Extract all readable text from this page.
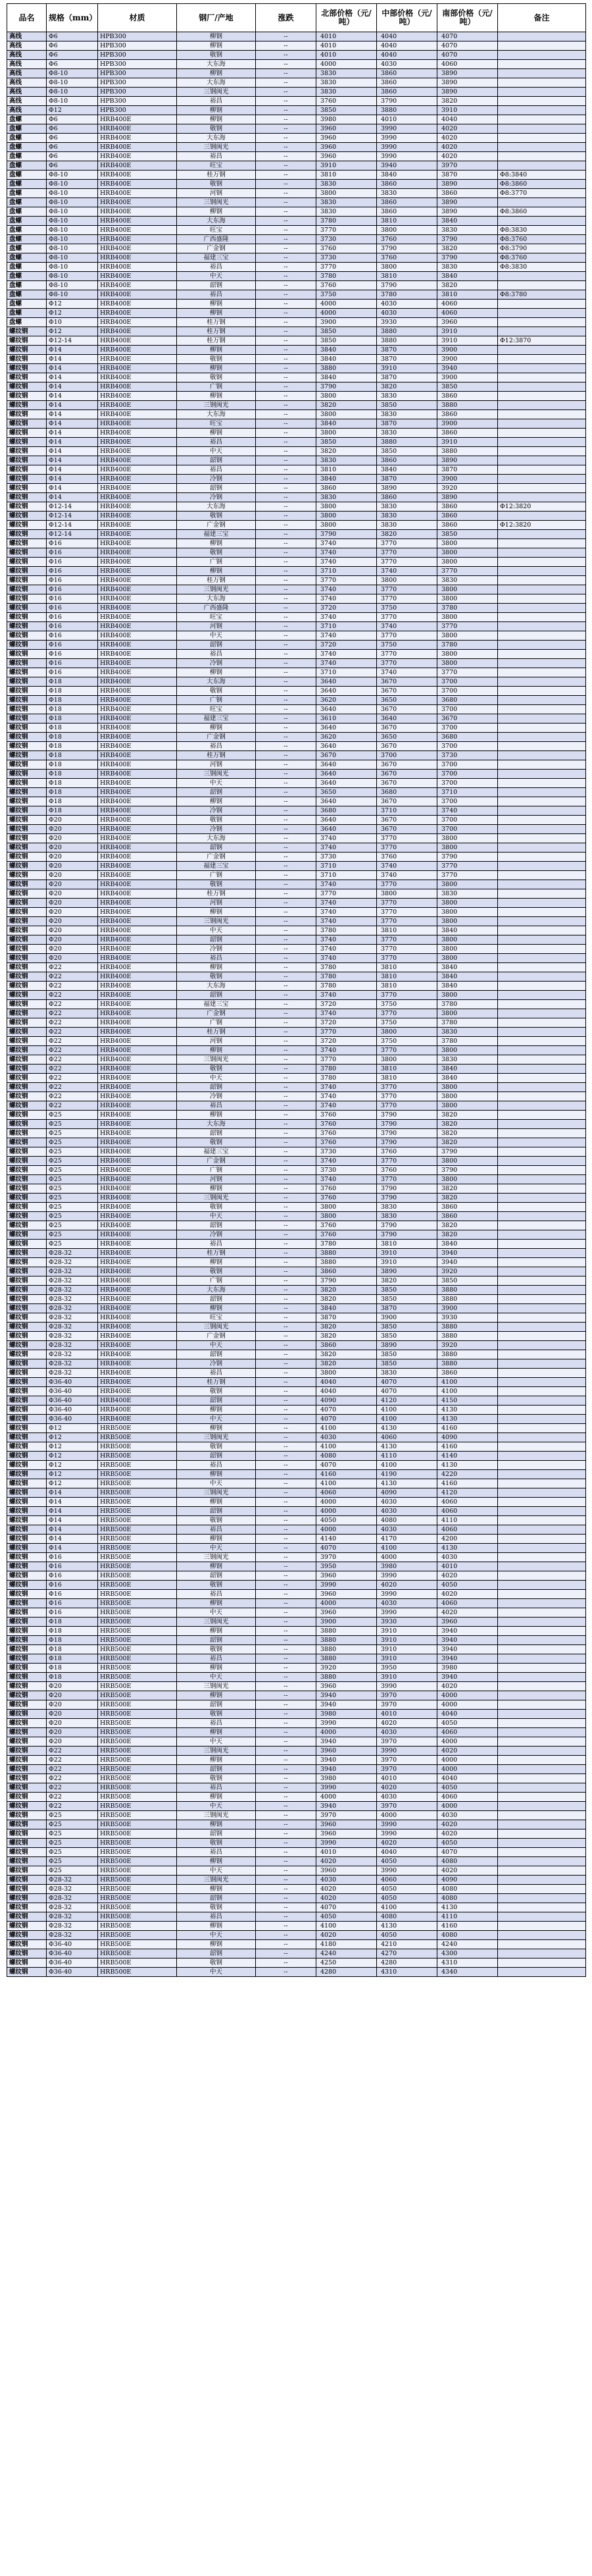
品名	规格（mm）	材质	钢厂/产地	涨跌	北部价格（元/吨）	中部价格（元/吨）	南部价格（元/吨）	备注
高线	Φ6	HPB300	柳钢	--	4010	4040	4070	
高线	Φ6	HPB300	柳钢	--	4010	4040	4070	
高线	Φ6	HPB300	敬钢	--	4010	4040	4070	
高线	Φ6	HPB300	大东海	--	4000	4030	4060	
高线	Φ8-10	HPB300	柳钢	--	3830	3860	3890	
高线	Φ8-10	HPB300	大东海	--	3830	3860	3890	
高线	Φ8-10	HPB300	三钢闽光	--	3830	3860	3890	
高线	Φ8-10	HPB300	裕昌	--	3760	3790	3820	
高线	Φ12	HPB300	柳钢	--	3850	3880	3910	
盘螺	Φ6	HRB400E	柳钢	--	3980	4010	4040	
盘螺	Φ6	HRB400E	敬钢	--	3960	3990	4020	
盘螺	Φ6	HRB400E	大东海	--	3960	3990	4020	
盘螺	Φ6	HRB400E	三钢闽光	--	3960	3990	4020	
盘螺	Φ6	HRB400E	裕昌	--	3960	3990	4020	
盘螺	Φ6	HRB400E	旺宝	--	3910	3940	3970	
盘螺	Φ8-10	HRB400E	桂万钢	--	3810	3840	3870	Φ8:3840
盘螺	Φ8-10	HRB400E	敬钢	--	3830	3860	3890	Φ8:3860
盘螺	Φ8-10	HRB400E	河钢	--	3800	3830	3860	Φ8:3770
盘螺	Φ8-10	HRB400E	三钢闽光	--	3830	3860	3890	
盘螺	Φ8-10	HRB400E	柳钢	--	3830	3860	3890	Φ8:3860
盘螺	Φ8-10	HRB400E	大东海	--	3780	3810	3840	
盘螺	Φ8-10	HRB400E	旺宝	--	3770	3800	3830	Φ8:3830
盘螺	Φ8-10	HRB400E	广西盛隆	--	3730	3760	3790	Φ8:3760
盘螺	Φ8-10	HRB400E	广金钢	--	3760	3790	3820	Φ8:3790
盘螺	Φ8-10	HRB400E	福建三宝	--	3730	3760	3790	Φ8:3760
盘螺	Φ8-10	HRB400E	裕昌	--	3770	3800	3830	Φ8:3830
盘螺	Φ8-10	HRB400E	中天	--	3780	3810	3840	
盘螺	Φ8-10	HRB400E	韶钢	--	3760	3790	3820	
盘螺	Φ8-10	HRB400E	裕昌	--	3750	3780	3810	Φ8:3780
盘螺	Φ12	HRB400E	柳钢	--	4000	4030	4060	
盘螺	Φ12	HRB400E	柳钢	--	4000	4030	4060	
盘螺	Φ10	HRB400E	桂万钢	--	3900	3930	3960	
螺纹钢	Φ12	HRB400E	桂万钢	--	3850	3880	3910	
螺纹钢	Φ12-14	HRB400E	桂万钢	--	3850	3880	3910	Φ12:3870
螺纹钢	Φ14	HRB400E	柳钢	--	3840	3870	3900	
螺纹钢	Φ14	HRB400E	敬钢	--	3840	3870	3900	
螺纹钢	Φ14	HRB400E	柳钢	--	3880	3910	3940	
螺纹钢	Φ14	HRB400E	敬钢	--	3840	3870	3900	
螺纹钢	Φ14	HRB400E	广钢	--	3790	3820	3850	
螺纹钢	Φ14	HRB400E	柳钢	--	3800	3830	3860	
螺纹钢	Φ14	HRB400E	三钢闽光	--	3820	3850	3880	
螺纹钢	Φ14	HRB400E	大东海	--	3800	3830	3860	
螺纹钢	Φ14	HRB400E	旺宝	--	3840	3870	3900	
螺纹钢	Φ14	HRB400E	柳钢	--	3800	3830	3860	
螺纹钢	Φ14	HRB400E	裕昌	--	3850	3880	3910	
螺纹钢	Φ14	HRB400E	中天	--	3820	3850	3880	
螺纹钢	Φ14	HRB400E	韶钢	--	3830	3860	3890	
螺纹钢	Φ14	HRB400E	裕昌	--	3810	3840	3870	
螺纹钢	Φ14	HRB400E	冷钢	--	3840	3870	3900	
螺纹钢	Φ14	HRB400E	韶钢	--	3860	3890	3920	
螺纹钢	Φ14	HRB400E	冷钢	--	3830	3860	3890	
螺纹钢	Φ12-14	HRB400E	大东海	--	3800	3830	3860	Φ12:3820
螺纹钢	Φ12-14	HRB400E	敬钢	--	3800	3830	3860	
螺纹钢	Φ12-14	HRB400E	广金钢	--	3800	3830	3860	Φ12:3820
螺纹钢	Φ12-14	HRB400E	福建三宝	--	3790	3820	3850	
螺纹钢	Φ16	HRB400E	柳钢	--	3740	3770	3800	
螺纹钢	Φ16	HRB400E	敬钢	--	3740	3770	3800	
螺纹钢	Φ16	HRB400E	广钢	--	3740	3770	3800	
螺纹钢	Φ16	HRB400E	柳钢	--	3710	3740	3770	
螺纹钢	Φ16	HRB400E	桂万钢	--	3770	3800	3830	
螺纹钢	Φ16	HRB400E	三钢闽光	--	3740	3770	3800	
螺纹钢	Φ16	HRB400E	大东海	--	3740	3770	3800	
螺纹钢	Φ16	HRB400E	广西盛隆	--	3720	3750	3780	
螺纹钢	Φ16	HRB400E	旺宝	--	3740	3770	3800	
螺纹钢	Φ16	HRB400E	河钢	--	3710	3740	3770	
螺纹钢	Φ16	HRB400E	中天	--	3740	3770	3800	
螺纹钢	Φ16	HRB400E	韶钢	--	3720	3750	3780	
螺纹钢	Φ16	HRB400E	裕昌	--	3740	3770	3800	
螺纹钢	Φ16	HRB400E	冷钢	--	3740	3770	3800	
螺纹钢	Φ16	HRB400E	柳钢	--	3710	3740	3770	
螺纹钢	Φ18	HRB400E	大东海	--	3640	3670	3700	
螺纹钢	Φ18	HRB400E	敬钢	--	3640	3670	3700	
螺纹钢	Φ18	HRB400E	广钢	--	3620	3650	3680	
螺纹钢	Φ18	HRB400E	旺宝	--	3640	3670	3700	
螺纹钢	Φ18	HRB400E	福建三宝	--	3610	3640	3670	
螺纹钢	Φ18	HRB400E	柳钢	--	3640	3670	3700	
螺纹钢	Φ18	HRB400E	广金钢	--	3620	3650	3680	
螺纹钢	Φ18	HRB400E	裕昌	--	3640	3670	3700	
螺纹钢	Φ18	HRB400E	桂万钢	--	3670	3700	3730	
螺纹钢	Φ18	HRB400E	河钢	--	3640	3670	3700	
螺纹钢	Φ18	HRB400E	三钢闽光	--	3640	3670	3700	
螺纹钢	Φ18	HRB400E	中天	--	3640	3670	3700	
螺纹钢	Φ18	HRB400E	韶钢	--	3650	3680	3710	
螺纹钢	Φ18	HRB400E	柳钢	--	3640	3670	3700	
螺纹钢	Φ18	HRB400E	冷钢	--	3680	3710	3740	
螺纹钢	Φ20	HRB400E	敬钢	--	3640	3670	3700	
螺纹钢	Φ20	HRB400E	冷钢	--	3640	3670	3700	
螺纹钢	Φ20	HRB400E	大东海	--	3740	3770	3800	
螺纹钢	Φ20	HRB400E	韶钢	--	3740	3770	3800	
螺纹钢	Φ20	HRB400E	广金钢	--	3730	3760	3790	
螺纹钢	Φ20	HRB400E	福建三宝	--	3710	3740	3770	
螺纹钢	Φ20	HRB400E	广钢	--	3710	3740	3770	
螺纹钢	Φ20	HRB400E	敬钢	--	3740	3770	3800	
螺纹钢	Φ20	HRB400E	桂万钢	--	3770	3800	3830	
螺纹钢	Φ20	HRB400E	河钢	--	3740	3770	3800	
螺纹钢	Φ20	HRB400E	柳钢	--	3740	3770	3800	
螺纹钢	Φ20	HRB400E	三钢闽光	--	3740	3770	3800	
螺纹钢	Φ20	HRB400E	中天	--	3780	3810	3840	
螺纹钢	Φ20	HRB400E	韶钢	--	3740	3770	3800	
螺纹钢	Φ20	HRB400E	冷钢	--	3740	3770	3800	
螺纹钢	Φ20	HRB400E	裕昌	--	3740	3770	3800	
螺纹钢	Φ22	HRB400E	柳钢	--	3780	3810	3840	
螺纹钢	Φ22	HRB400E	敬钢	--	3780	3810	3840	
螺纹钢	Φ22	HRB400E	大东海	--	3780	3810	3840	
螺纹钢	Φ22	HRB400E	韶钢	--	3740	3770	3800	
螺纹钢	Φ22	HRB400E	福建三宝	--	3720	3750	3780	
螺纹钢	Φ22	HRB400E	广金钢	--	3740	3770	3800	
螺纹钢	Φ22	HRB400E	广钢	--	3720	3750	3780	
螺纹钢	Φ22	HRB400E	桂万钢	--	3770	3800	3830	
螺纹钢	Φ22	HRB400E	河钢	--	3720	3750	3780	
螺纹钢	Φ22	HRB400E	柳钢	--	3740	3770	3800	
螺纹钢	Φ22	HRB400E	三钢闽光	--	3770	3800	3830	
螺纹钢	Φ22	HRB400E	敬钢	--	3780	3810	3840	
螺纹钢	Φ22	HRB400E	中天	--	3780	3810	3840	
螺纹钢	Φ22	HRB400E	韶钢	--	3740	3770	3800	
螺纹钢	Φ22	HRB400E	冷钢	--	3740	3770	3800	
螺纹钢	Φ22	HRB400E	裕昌	--	3740	3770	3800	
螺纹钢	Φ25	HRB400E	柳钢	--	3760	3790	3820	
螺纹钢	Φ25	HRB400E	大东海	--	3760	3790	3820	
螺纹钢	Φ25	HRB400E	韶钢	--	3760	3790	3820	
螺纹钢	Φ25	HRB400E	敬钢	--	3760	3790	3820	
螺纹钢	Φ25	HRB400E	福建三宝	--	3730	3760	3790	
螺纹钢	Φ25	HRB400E	广金钢	--	3740	3770	3800	
螺纹钢	Φ25	HRB400E	广钢	--	3730	3760	3790	
螺纹钢	Φ25	HRB400E	河钢	--	3740	3770	3800	
螺纹钢	Φ25	HRB400E	柳钢	--	3760	3790	3820	
螺纹钢	Φ25	HRB400E	三钢闽光	--	3760	3790	3820	
螺纹钢	Φ25	HRB400E	敬钢	--	3800	3830	3860	
螺纹钢	Φ25	HRB400E	中天	--	3800	3830	3860	
螺纹钢	Φ25	HRB400E	韶钢	--	3760	3790	3820	
螺纹钢	Φ25	HRB400E	冷钢	--	3760	3790	3820	
螺纹钢	Φ25	HRB400E	裕昌	--	3780	3810	3840	
螺纹钢	Φ28-32	HRB400E	桂万钢	--	3880	3910	3940	
螺纹钢	Φ28-32	HRB400E	柳钢	--	3880	3910	3940	
螺纹钢	Φ28-32	HRB400E	敬钢	--	3860	3890	3920	
螺纹钢	Φ28-32	HRB400E	广钢	--	3790	3820	3850	
螺纹钢	Φ28-32	HRB400E	大东海	--	3820	3850	3880	
螺纹钢	Φ28-32	HRB400E	韶钢	--	3820	3850	3880	
螺纹钢	Φ28-32	HRB400E	柳钢	--	3840	3870	3900	
螺纹钢	Φ28-32	HRB400E	旺宝	--	3870	3900	3930	
螺纹钢	Φ28-32	HRB400E	三钢闽光	--	3820	3850	3880	
螺纹钢	Φ28-32	HRB400E	广金钢	--	3820	3850	3880	
螺纹钢	Φ28-32	HRB400E	中天	--	3860	3890	3920	
螺纹钢	Φ28-32	HRB400E	韶钢	--	3820	3850	3880	
螺纹钢	Φ28-32	HRB400E	冷钢	--	3820	3850	3880	
螺纹钢	Φ28-32	HRB400E	裕昌	--	3800	3830	3860	
螺纹钢	Φ36-40	HRB400E	桂万钢	--	4040	4070	4100	
螺纹钢	Φ36-40	HRB400E	敬钢	--	4040	4070	4100	
螺纹钢	Φ36-40	HRB400E	韶钢	--	4090	4120	4150	
螺纹钢	Φ36-40	HRB400E	柳钢	--	4070	4100	4130	
螺纹钢	Φ36-40	HRB400E	中天	--	4070	4100	4130	
螺纹钢	Φ12	HRB500E	柳钢	--	4100	4130	4160	
螺纹钢	Φ12	HRB500E	三钢闽光	--	4030	4060	4090	
螺纹钢	Φ12	HRB500E	敬钢	--	4100	4130	4160	
螺纹钢	Φ12	HRB500E	韶钢	--	4080	4110	4140	
螺纹钢	Φ12	HRB500E	裕昌	--	4070	4100	4130	
螺纹钢	Φ12	HRB500E	柳钢	--	4160	4190	4220	
螺纹钢	Φ12	HRB500E	中天	--	4100	4130	4160	
螺纹钢	Φ14	HRB500E	三钢闽光	--	4060	4090	4120	
螺纹钢	Φ14	HRB500E	柳钢	--	4000	4030	4060	
螺纹钢	Φ14	HRB500E	韶钢	--	4000	4030	4060	
螺纹钢	Φ14	HRB500E	敬钢	--	4050	4080	4110	
螺纹钢	Φ14	HRB500E	裕昌	--	4000	4030	4060	
螺纹钢	Φ14	HRB500E	柳钢	--	4140	4170	4200	
螺纹钢	Φ14	HRB500E	中天	--	4070	4100	4130	
螺纹钢	Φ16	HRB500E	三钢闽光	--	3970	4000	4030	
螺纹钢	Φ16	HRB500E	柳钢	--	3950	3980	4010	
螺纹钢	Φ16	HRB500E	韶钢	--	3960	3990	4020	
螺纹钢	Φ16	HRB500E	敬钢	--	3990	4020	4050	
螺纹钢	Φ16	HRB500E	裕昌	--	3960	3990	4020	
螺纹钢	Φ16	HRB500E	柳钢	--	4000	4030	4060	
螺纹钢	Φ16	HRB500E	中天	--	3960	3990	4020	
螺纹钢	Φ18	HRB500E	三钢闽光	--	3900	3930	3960	
螺纹钢	Φ18	HRB500E	柳钢	--	3880	3910	3940	
螺纹钢	Φ18	HRB500E	韶钢	--	3880	3910	3940	
螺纹钢	Φ18	HRB500E	敬钢	--	3880	3910	3940	
螺纹钢	Φ18	HRB500E	裕昌	--	3880	3910	3940	
螺纹钢	Φ18	HRB500E	柳钢	--	3920	3950	3980	
螺纹钢	Φ18	HRB500E	中天	--	3880	3910	3940	
螺纹钢	Φ20	HRB500E	三钢闽光	--	3960	3990	4020	
螺纹钢	Φ20	HRB500E	柳钢	--	3940	3970	4000	
螺纹钢	Φ20	HRB500E	韶钢	--	3940	3970	4000	
螺纹钢	Φ20	HRB500E	敬钢	--	3980	4010	4040	
螺纹钢	Φ20	HRB500E	裕昌	--	3990	4020	4050	
螺纹钢	Φ20	HRB500E	柳钢	--	4000	4030	4060	
螺纹钢	Φ20	HRB500E	中天	--	3940	3970	4000	
螺纹钢	Φ22	HRB500E	三钢闽光	--	3960	3990	4020	
螺纹钢	Φ22	HRB500E	柳钢	--	3940	3970	4000	
螺纹钢	Φ22	HRB500E	韶钢	--	3940	3970	4000	
螺纹钢	Φ22	HRB500E	敬钢	--	3980	4010	4040	
螺纹钢	Φ22	HRB500E	裕昌	--	3990	4020	4050	
螺纹钢	Φ22	HRB500E	柳钢	--	4000	4030	4060	
螺纹钢	Φ22	HRB500E	中天	--	3940	3970	4000	
螺纹钢	Φ25	HRB500E	三钢闽光	--	3970	4000	4030	
螺纹钢	Φ25	HRB500E	柳钢	--	3960	3990	4020	
螺纹钢	Φ25	HRB500E	韶钢	--	3960	3990	4020	
螺纹钢	Φ25	HRB500E	敬钢	--	3990	4020	4050	
螺纹钢	Φ25	HRB500E	裕昌	--	4010	4040	4070	
螺纹钢	Φ25	HRB500E	柳钢	--	4020	4050	4080	
螺纹钢	Φ25	HRB500E	中天	--	3960	3990	4020	
螺纹钢	Φ28-32	HRB500E	三钢闽光	--	4030	4060	4090	
螺纹钢	Φ28-32	HRB500E	柳钢	--	4020	4050	4080	
螺纹钢	Φ28-32	HRB500E	韶钢	--	4020	4050	4080	
螺纹钢	Φ28-32	HRB500E	敬钢	--	4070	4100	4130	
螺纹钢	Φ28-32	HRB500E	裕昌	--	4050	4080	4110	
螺纹钢	Φ28-32	HRB500E	柳钢	--	4100	4130	4160	
螺纹钢	Φ28-32	HRB500E	中天	--	4020	4050	4080	
螺纹钢	Φ36-40	HRB500E	柳钢	--	4180	4210	4240	
螺纹钢	Φ36-40	HRB500E	韶钢	--	4240	4270	4300	
螺纹钢	Φ36-40	HRB500E	敬钢	--	4250	4280	4310	
螺纹钢	Φ36-40	HRB500E	中天	--	4280	4310	4340	
